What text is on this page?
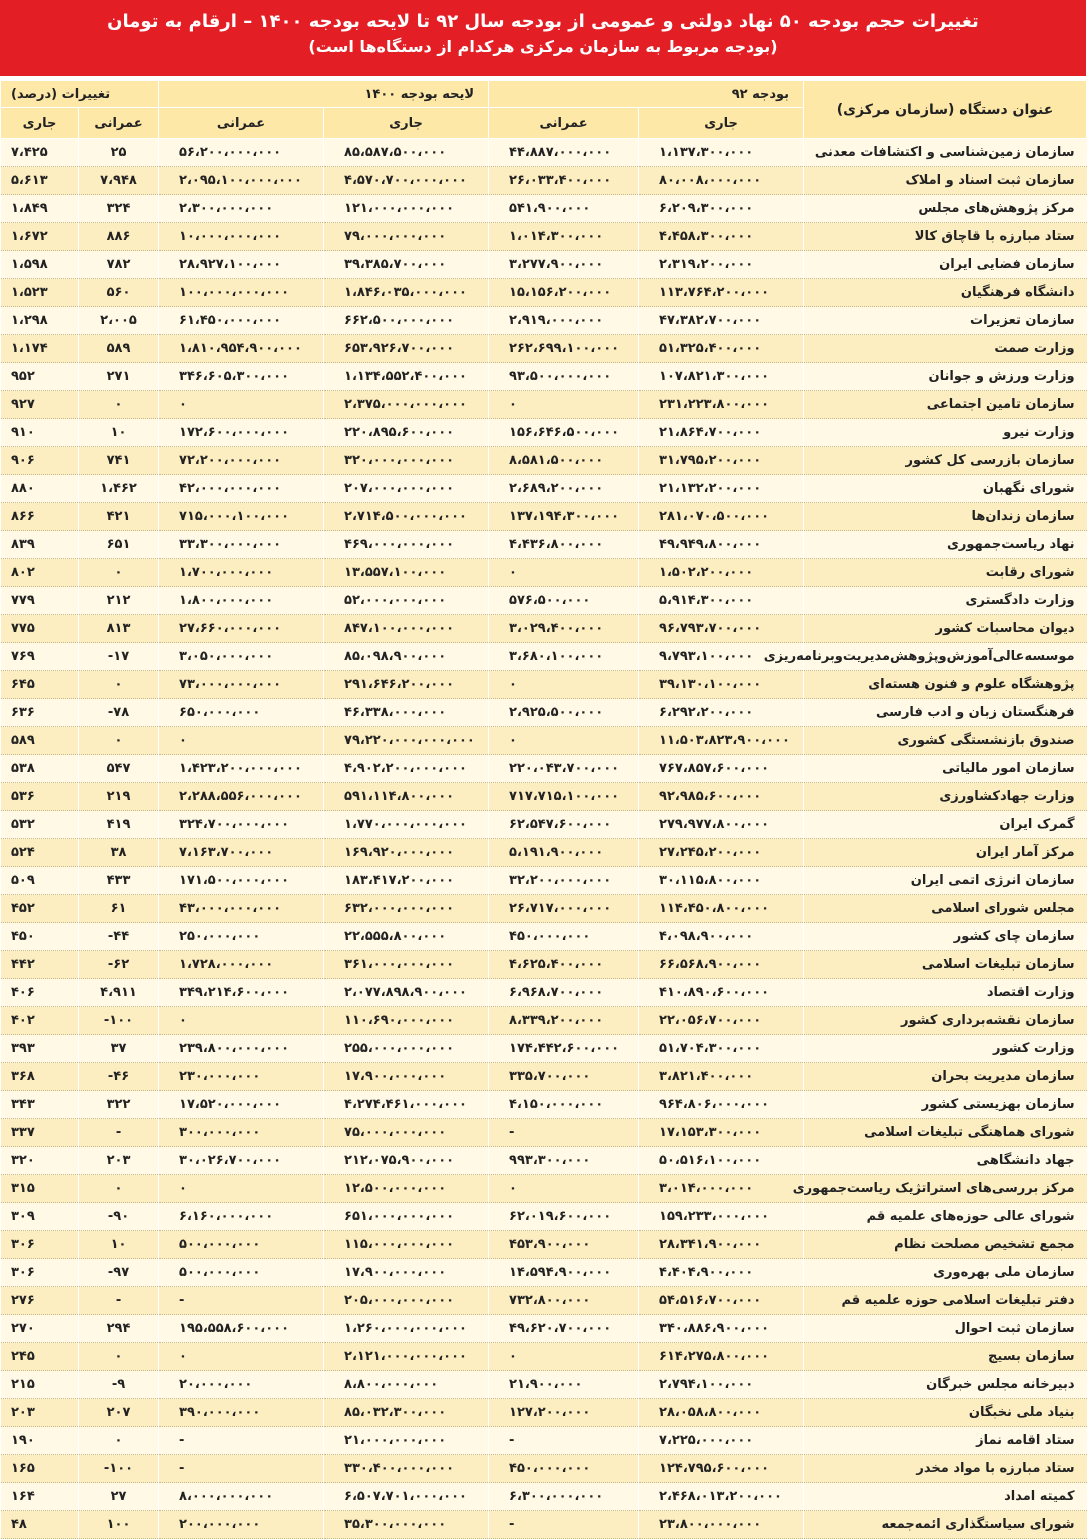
تغییرات حجم بودجه ۵۰ نهاد دولتی و عمومی از بودجه سال ۹۲ تا لایحه بودجه ۱۴۰۰ – ارقام به تومان
(بودجه مربوط به سازمان مرکزی هرکدام از دستگاه‌ها است)
عنوان دستگاه (سازمان مرکزی)	بودجه ۹۲		لایحه بودجه ۱۴۰۰		تغییرات (درصد)	
	جاری	عمرانی	جاری	عمرانی	عمرانی	جاری
سازمان زمین‌شناسی و اکتشافات معدنی	۱،۱۳۷،۳۰۰،۰۰۰	۴۴،۸۸۷،۰۰۰،۰۰۰	۸۵،۵۸۷،۵۰۰،۰۰۰	۵۶،۲۰۰،۰۰۰،۰۰۰	۲۵	۷،۴۲۵
سازمان ثبت اسناد و املاک	۸۰،۰۰۸،۰۰۰،۰۰۰	۲۶،۰۳۳،۴۰۰،۰۰۰	۴،۵۷۰،۷۰۰،۰۰۰،۰۰۰	۲،۰۹۵،۱۰۰،۰۰۰،۰۰۰	۷،۹۴۸	۵،۶۱۳
مرکز پژوهش‌های مجلس	۶،۲۰۹،۳۰۰،۰۰۰	۵۴۱،۹۰۰،۰۰۰	۱۲۱،۰۰۰،۰۰۰،۰۰۰	۲،۳۰۰،۰۰۰،۰۰۰	۳۲۴	۱،۸۴۹
ستاد مبارزه با قاچاق کالا	۴،۴۵۸،۳۰۰،۰۰۰	۱،۰۱۴،۳۰۰،۰۰۰	۷۹،۰۰۰،۰۰۰،۰۰۰	۱۰،۰۰۰،۰۰۰،۰۰۰	۸۸۶	۱،۶۷۲
سازمان فضایی ایران	۲،۳۱۹،۲۰۰،۰۰۰	۳،۲۷۷،۹۰۰،۰۰۰	۳۹،۳۸۵،۷۰۰،۰۰۰	۲۸،۹۲۷،۱۰۰،۰۰۰	۷۸۲	۱،۵۹۸
دانشگاه فرهنگیان	۱۱۳،۷۶۴،۲۰۰،۰۰۰	۱۵،۱۵۶،۲۰۰،۰۰۰	۱،۸۴۶،۰۳۵،۰۰۰،۰۰۰	۱۰۰،۰۰۰،۰۰۰،۰۰۰	۵۶۰	۱،۵۲۳
سازمان تعزیرات	۴۷،۳۸۲،۷۰۰،۰۰۰	۲،۹۱۹،۰۰۰،۰۰۰	۶۶۲،۵۰۰،۰۰۰،۰۰۰	۶۱،۴۵۰،۰۰۰،۰۰۰	۲،۰۰۵	۱،۲۹۸
وزارت صمت	۵۱،۳۲۵،۴۰۰،۰۰۰	۲۶۲،۶۹۹،۱۰۰،۰۰۰	۶۵۳،۹۲۶،۷۰۰،۰۰۰	۱،۸۱۰،۹۵۴،۹۰۰،۰۰۰	۵۸۹	۱،۱۷۴
وزارت ورزش و جوانان	۱۰۷،۸۲۱،۳۰۰،۰۰۰	۹۳،۵۰۰،۰۰۰،۰۰۰	۱،۱۳۴،۵۵۲،۴۰۰،۰۰۰	۳۴۶،۶۰۵،۳۰۰،۰۰۰	۲۷۱	۹۵۲
سازمان تامین اجتماعی	۲۳۱،۲۲۳،۸۰۰،۰۰۰	۰	۲،۳۷۵،۰۰۰،۰۰۰،۰۰۰	۰	۰	۹۲۷
وزارت نیرو	۲۱،۸۶۴،۷۰۰،۰۰۰	۱۵۶،۶۴۶،۵۰۰،۰۰۰	۲۲۰،۸۹۵،۶۰۰،۰۰۰	۱۷۲،۶۰۰،۰۰۰،۰۰۰	۱۰	۹۱۰
سازمان بازرسی کل کشور	۳۱،۷۹۵،۲۰۰،۰۰۰	۸،۵۸۱،۵۰۰،۰۰۰	۳۲۰،۰۰۰،۰۰۰،۰۰۰	۷۲،۲۰۰،۰۰۰،۰۰۰	۷۴۱	۹۰۶
شورای نگهبان	۲۱،۱۳۲،۲۰۰،۰۰۰	۲،۶۸۹،۲۰۰،۰۰۰	۲۰۷،۰۰۰،۰۰۰،۰۰۰	۴۲،۰۰۰،۰۰۰،۰۰۰	۱،۴۶۲	۸۸۰
سازمان زندان‌ها	۲۸۱،۰۷۰،۵۰۰،۰۰۰	۱۳۷،۱۹۴،۳۰۰،۰۰۰	۲،۷۱۴،۵۰۰،۰۰۰،۰۰۰	۷۱۵،۰۰۰،۱۰۰،۰۰۰	۴۲۱	۸۶۶
نهاد ریاست‌جمهوری	۴۹،۹۴۹،۸۰۰،۰۰۰	۴،۴۳۶،۸۰۰،۰۰۰	۴۶۹،۰۰۰،۰۰۰،۰۰۰	۳۳،۳۰۰،۰۰۰،۰۰۰	۶۵۱	۸۳۹
شورای رقابت	۱،۵۰۲،۲۰۰،۰۰۰	۰	۱۳،۵۵۷،۱۰۰،۰۰۰	۱،۷۰۰،۰۰۰،۰۰۰	۰	۸۰۲
وزارت دادگستری	۵،۹۱۴،۳۰۰،۰۰۰	۵۷۶،۵۰۰،۰۰۰	۵۲،۰۰۰،۰۰۰،۰۰۰	۱،۸۰۰،۰۰۰،۰۰۰	۲۱۲	۷۷۹
دیوان محاسبات کشور	۹۶،۷۹۳،۷۰۰،۰۰۰	۳،۰۲۹،۴۰۰،۰۰۰	۸۴۷،۱۰۰،۰۰۰،۰۰۰	۲۷،۶۶۰،۰۰۰،۰۰۰	۸۱۳	۷۷۵
موسسه‌عالی‌آموزش‌وپژوهش‌مدیریت‌وبرنامه‌ریزی	۹،۷۹۳،۱۰۰،۰۰۰	۳،۶۸۰،۱۰۰،۰۰۰	۸۵،۰۹۸،۹۰۰،۰۰۰	۳،۰۵۰،۰۰۰،۰۰۰	-۱۷	۷۶۹
پژوهشگاه علوم و فنون هسته‌ای	۳۹،۱۳۰،۱۰۰،۰۰۰	۰	۲۹۱،۶۴۶،۲۰۰،۰۰۰	۷۳،۰۰۰،۰۰۰،۰۰۰	۰	۶۴۵
فرهنگستان زبان و ادب فارسی	۶،۲۹۲،۲۰۰،۰۰۰	۲،۹۲۵،۵۰۰،۰۰۰	۴۶،۳۳۸،۰۰۰،۰۰۰	۶۵۰،۰۰۰،۰۰۰	-۷۸	۶۳۶
صندوق بازنشستگی کشوری	۱۱،۵۰۳،۸۲۳،۹۰۰،۰۰۰	۰	۷۹،۲۲۰،۰۰۰،۰۰۰،۰۰۰	۰	۰	۵۸۹
سازمان امور مالیاتی	۷۶۷،۸۵۷،۶۰۰،۰۰۰	۲۲۰،۰۴۳،۷۰۰،۰۰۰	۴،۹۰۲،۲۰۰،۰۰۰،۰۰۰	۱،۴۲۳،۲۰۰،۰۰۰،۰۰۰	۵۴۷	۵۳۸
وزارت جهادکشاورزی	۹۲،۹۸۵،۶۰۰،۰۰۰	۷۱۷،۷۱۵،۱۰۰،۰۰۰	۵۹۱،۱۱۴،۸۰۰،۰۰۰	۲،۲۸۸،۵۵۶،۰۰۰،۰۰۰	۲۱۹	۵۳۶
گمرک ایران	۲۷۹،۹۷۷،۸۰۰،۰۰۰	۶۲،۵۴۷،۶۰۰،۰۰۰	۱،۷۷۰،۰۰۰،۰۰۰،۰۰۰	۳۲۴،۷۰۰،۰۰۰،۰۰۰	۴۱۹	۵۳۲
مرکز آمار ایران	۲۷،۲۴۵،۲۰۰،۰۰۰	۵،۱۹۱،۹۰۰،۰۰۰	۱۶۹،۹۲۰،۰۰۰،۰۰۰	۷،۱۶۳،۷۰۰،۰۰۰	۳۸	۵۲۴
سازمان انرژی اتمی ایران	۳۰،۱۱۵،۸۰۰،۰۰۰	۳۲،۲۰۰،۰۰۰،۰۰۰	۱۸۳،۴۱۷،۲۰۰،۰۰۰	۱۷۱،۵۰۰،۰۰۰،۰۰۰	۴۳۳	۵۰۹
مجلس شورای اسلامی	۱۱۴،۴۵۰،۸۰۰،۰۰۰	۲۶،۷۱۷،۰۰۰،۰۰۰	۶۳۲،۰۰۰،۰۰۰،۰۰۰	۴۳،۰۰۰،۰۰۰،۰۰۰	۶۱	۴۵۲
سازمان چای کشور	۴،۰۹۸،۹۰۰،۰۰۰	۴۵۰،۰۰۰،۰۰۰	۲۲،۵۵۵،۸۰۰،۰۰۰	۲۵۰،۰۰۰،۰۰۰	-۴۴	۴۵۰
سازمان تبلیغات اسلامی	۶۶،۵۶۸،۹۰۰،۰۰۰	۴،۶۲۵،۴۰۰،۰۰۰	۳۶۱،۰۰۰،۰۰۰،۰۰۰	۱،۷۲۸،۰۰۰،۰۰۰	-۶۲	۴۴۲
وزارت اقتصاد	۴۱۰،۸۹۰،۶۰۰،۰۰۰	۶،۹۶۸،۷۰۰،۰۰۰	۲،۰۷۷،۸۹۸،۹۰۰،۰۰۰	۳۴۹،۲۱۴،۶۰۰،۰۰۰	۴،۹۱۱	۴۰۶
سازمان نقشه‌برداری کشور	۲۲،۰۵۶،۷۰۰،۰۰۰	۸،۳۳۹،۲۰۰،۰۰۰	۱۱۰،۶۹۰،۰۰۰،۰۰۰	۰	-۱۰۰	۴۰۲
وزارت کشور	۵۱،۷۰۴،۳۰۰،۰۰۰	۱۷۴،۴۴۲،۶۰۰،۰۰۰	۲۵۵،۰۰۰،۰۰۰،۰۰۰	۲۳۹،۸۰۰،۰۰۰،۰۰۰	۳۷	۳۹۳
سازمان مدیریت بحران	۳،۸۲۱،۴۰۰،۰۰۰	۳۳۵،۷۰۰،۰۰۰	۱۷،۹۰۰،۰۰۰،۰۰۰	۲۳۰،۰۰۰،۰۰۰	-۴۶	۳۶۸
سازمان بهزیستی کشور	۹۶۴،۸۰۶،۰۰۰،۰۰۰	۴،۱۵۰،۰۰۰،۰۰۰	۴،۲۷۴،۴۶۱،۰۰۰،۰۰۰	۱۷،۵۲۰،۰۰۰،۰۰۰	۳۲۲	۳۴۳
شورای هماهنگی تبلیغات اسلامی	۱۷،۱۵۳،۳۰۰،۰۰۰	-	۷۵،۰۰۰،۰۰۰،۰۰۰	۳۰۰،۰۰۰،۰۰۰	-	۳۳۷
جهاد دانشگاهی	۵۰،۵۱۶،۱۰۰،۰۰۰	۹۹۳،۳۰۰،۰۰۰	۲۱۲،۰۷۵،۹۰۰،۰۰۰	۳۰،۰۲۶،۷۰۰،۰۰۰	۲۰۳	۳۲۰
مرکز بررسی‌های استراتژیک ریاست‌جمهوری	۳،۰۱۴،۰۰۰،۰۰۰	۰	۱۲،۵۰۰،۰۰۰،۰۰۰	۰	۰	۳۱۵
شورای عالی حوزه‌های علمیه قم	۱۵۹،۲۳۳،۰۰۰،۰۰۰	۶۲،۰۱۹،۶۰۰،۰۰۰	۶۵۱،۰۰۰،۰۰۰،۰۰۰	۶،۱۶۰،۰۰۰،۰۰۰	-۹۰	۳۰۹
مجمع تشخیص مصلحت نظام	۲۸،۳۴۱،۹۰۰،۰۰۰	۴۵۳،۹۰۰،۰۰۰	۱۱۵،۰۰۰،۰۰۰،۰۰۰	۵۰۰،۰۰۰،۰۰۰	۱۰	۳۰۶
سازمان ملی بهره‌وری	۴،۴۰۴،۹۰۰،۰۰۰	۱۴،۵۹۴،۹۰۰،۰۰۰	۱۷،۹۰۰،۰۰۰،۰۰۰	۵۰۰،۰۰۰،۰۰۰	-۹۷	۳۰۶
دفتر تبلیغات اسلامی حوزه علمیه قم	۵۴،۵۱۶،۷۰۰،۰۰۰	۷۳۲،۸۰۰،۰۰۰	۲۰۵،۰۰۰،۰۰۰،۰۰۰	-	-	۲۷۶
سازمان ثبت احوال	۳۴۰،۸۸۶،۹۰۰،۰۰۰	۴۹،۶۲۰،۷۰۰،۰۰۰	۱،۲۶۰،۰۰۰،۰۰۰،۰۰۰	۱۹۵،۵۵۸،۶۰۰،۰۰۰	۲۹۴	۲۷۰
سازمان بسیج	۶۱۴،۲۷۵،۸۰۰،۰۰۰	۰	۲،۱۲۱،۰۰۰،۰۰۰،۰۰۰	۰	۰	۲۴۵
دبیرخانه مجلس خبرگان	۲،۷۹۴،۱۰۰،۰۰۰	۲۱،۹۰۰،۰۰۰	۸،۸۰۰،۰۰۰،۰۰۰	۲۰،۰۰۰،۰۰۰	-۹	۲۱۵
بنیاد ملی نخبگان	۲۸،۰۵۸،۸۰۰،۰۰۰	۱۲۷،۲۰۰،۰۰۰	۸۵،۰۳۲،۳۰۰،۰۰۰	۳۹۰،۰۰۰،۰۰۰	۲۰۷	۲۰۳
ستاد اقامه نماز	۷،۲۲۵،۰۰۰،۰۰۰	-	۲۱،۰۰۰،۰۰۰،۰۰۰	-	۰	۱۹۰
ستاد مبارزه با مواد مخدر	۱۲۴،۷۹۵،۶۰۰،۰۰۰	۴۵۰،۰۰۰،۰۰۰	۳۳۰،۴۰۰،۰۰۰،۰۰۰	-	-۱۰۰	۱۶۵
کمیته امداد	۲،۴۶۸،۰۱۳،۲۰۰،۰۰۰	۶،۳۰۰،۰۰۰،۰۰۰	۶،۵۰۷،۷۰۱،۰۰۰،۰۰۰	۸،۰۰۰،۰۰۰،۰۰۰	۲۷	۱۶۴
شورای سیاستگذاری ائمه‌جمعه	۲۳،۸۰۰،۰۰۰،۰۰۰	-	۳۵،۳۰۰،۰۰۰،۰۰۰	۲۰۰،۰۰۰،۰۰۰	۱۰۰	۴۸
